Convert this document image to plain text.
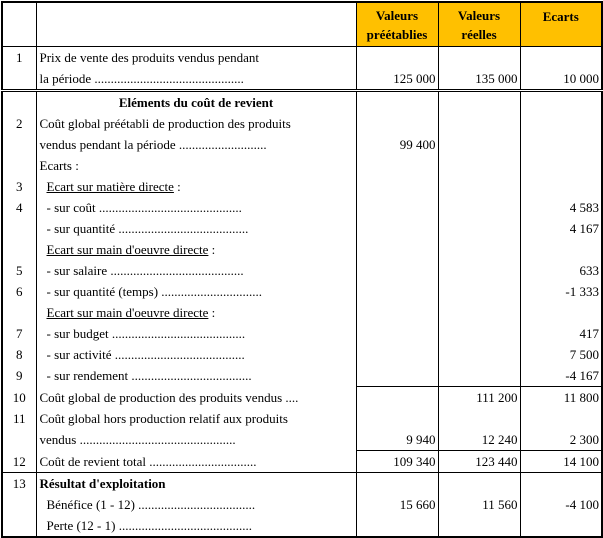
		Valeurs préétablies	Valeurs réelles	Ecarts
1	Prix de vente des produits vendus pendant			
	la période ..............................................	125 000	135 000	10 000
	Eléments du coût de revient			
2	Coût global préétabli de production des produits			
	vendus pendant la période ...........................	99 400		
	Ecarts :			
3	Ecart sur matière directe :			
4	- sur coût ............................................			4 583
	- sur quantité ........................................			4 167
	Ecart sur main d'oeuvre directe :			
5	- sur salaire .........................................			633
6	- sur quantité (temps) ...............................			-1 333
	Ecart sur main d'oeuvre directe :			
7	- sur budget .........................................			417
8	- sur activité ........................................			7 500
9	- sur rendement .....................................			-4 167
10	Coût global de production des produits vendus ....		111 200	11 800
11	Coût global hors production relatif aux produits			
	vendus ................................................	9 940	12 240	2 300
12	Coût de revient total .................................	109 340	123 440	14 100
13	Résultat d'exploitation			
	Bénéfice (1 - 12) ....................................	15 660	11 560	-4 100
	Perte (12 - 1) .........................................			
